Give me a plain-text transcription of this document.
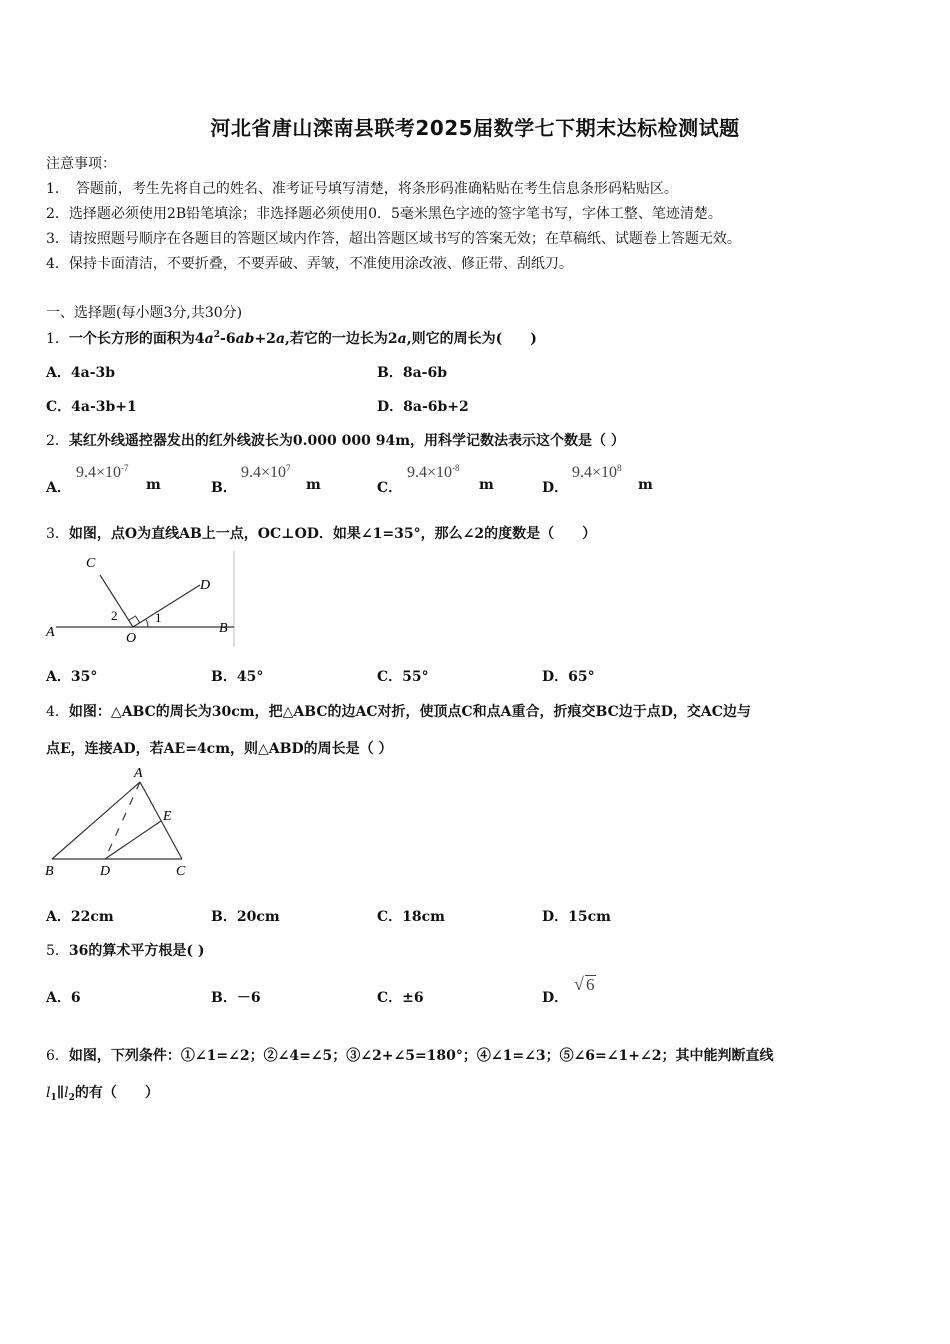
河北省唐山滦南县联考2025届数学七下期末达标检测试题
注意事项：
1．　答题前，考生先将自己的姓名、准考证号填写清楚，将条形码准确粘贴在考生信息条形码粘贴区。
2．选择题必须使用2B铅笔填涂；非选择题必须使用0．5毫米黑色字迹的签字笔书写，字体工整、笔迹清楚。
3．请按照题号顺序在各题目的答题区域内作答，超出答题区域书写的答案无效；在草稿纸、试题卷上答题无效。
4．保持卡面清洁，不要折叠，不要弄破、弄皱，不准使用涂改液、修正带、刮纸刀。
一、选择题(每小题3分,共30分)
1．一个长方形的面积为$4a^2-6ab+2a$,若它的一边长为2a,则它的周长为(　　)
A．4a-3b	B．8a-6b
C．4a-3b+1	D．8a-6b+2
2．某红外线遥控器发出的红外线波长为0.000 000 94m，用科学记数法表示这个数是（ ）
A．
$9.4\times 10^{-7}$
m	B．
$9.4\times 10^7$
m	C．
$9.4\times 10^{-8}$
m	D．
$9.4\times 10^8$
m
3．如图，点O为直线AB上一点，OC⊥OD．如果∠1=35°，那么∠2的度数是（　　）
A	O
B
C
D
1
2
A．35°	B．45°	C．55°	D．65°
4．如图：△ABC的周长为30cm，把△ABC的边AC对折，使顶点C和点A重合，折痕交BC边于点D，交AC边与
点E，连接AD，若AE=4cm，则△ABD的周长是（ ）
A
B	D	C
E
A．22cm	B．20cm	C．18cm	D．15cm
5．36的算术平方根是( )
A．6	B．－6	C．±6	D．
√ 6
6．如图，下列条件：①∠1=∠2；②∠4=∠5；③∠2+∠5=180°；④∠1=∠3；⑤∠6=∠1+∠2；其中能判断直线
$l_1\parallel l_2$的有（　　）
